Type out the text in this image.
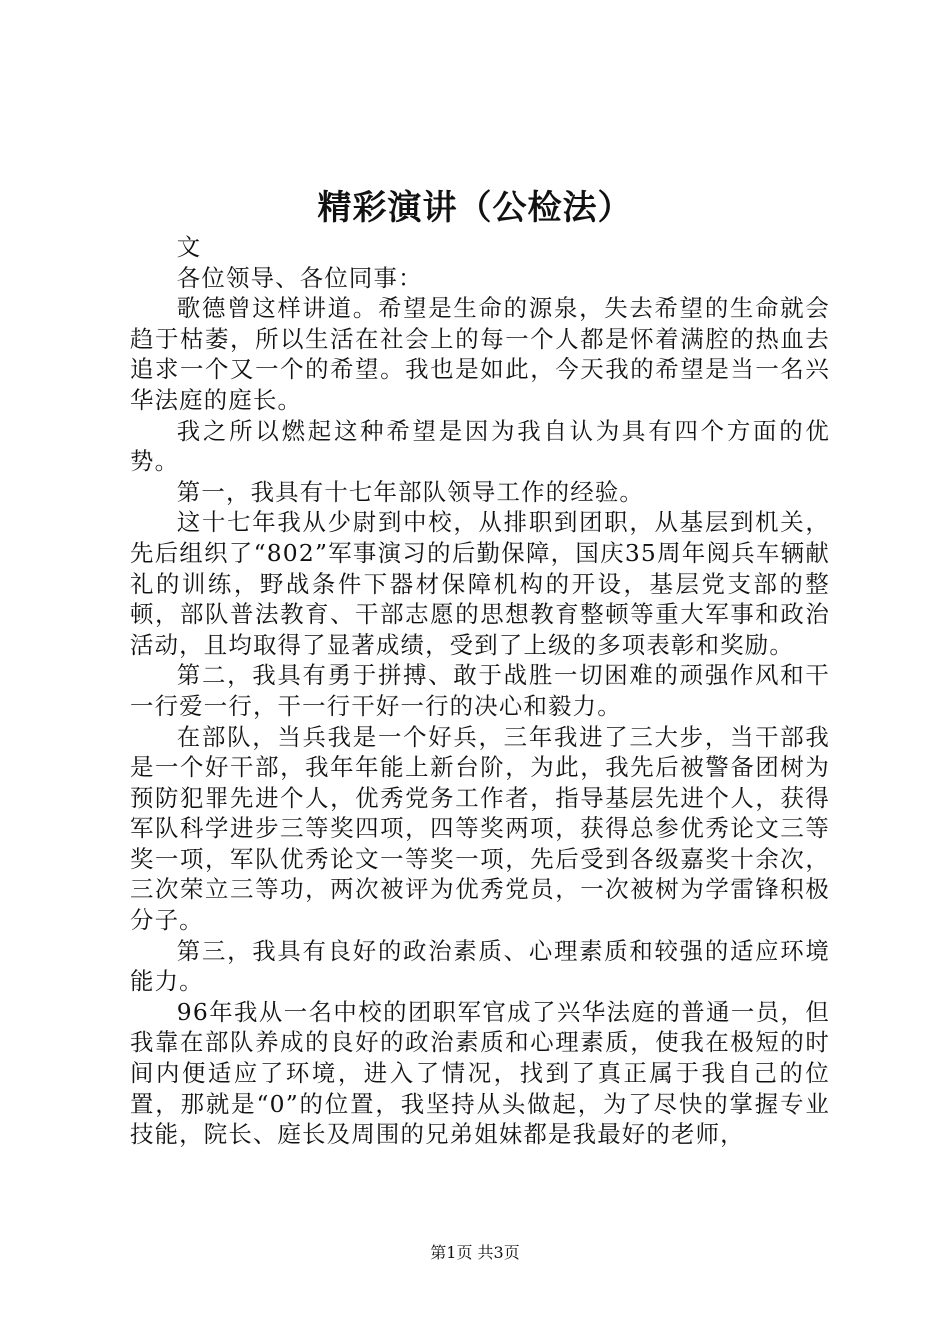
精彩演讲（公检法）

文

各位领导、各位同事：

歌德曾这样讲道。希望是生命的源泉，失去希望的生命就会趋于枯萎，所以生活在社会上的每一个人都是怀着满腔的热血去追求一个又一个的希望。我也是如此，今天我的希望是当一名兴华法庭的庭长。

我之所以燃起这种希望是因为我自认为具有四个方面的优势。

第一，我具有十七年部队领导工作的经验。

这十七年我从少尉到中校，从排职到团职，从基层到机关，先后组织了“802”军事演习的后勤保障，国庆35周年阅兵车辆献礼的训练，野战条件下器材保障机构的开设，基层党支部的整顿，部队普法教育、干部志愿的思想教育整顿等重大军事和政治活动，且均取得了显著成绩，受到了上级的多项表彰和奖励。

第二，我具有勇于拼搏、敢于战胜一切困难的顽强作风和干一行爱一行，干一行干好一行的决心和毅力。

在部队，当兵我是一个好兵，三年我进了三大步，当干部我是一个好干部，我年年能上新台阶，为此，我先后被警备团树为预防犯罪先进个人，优秀党务工作者，指导基层先进个人，获得军队科学进步三等奖四项，四等奖两项，获得总参优秀论文三等奖一项，军队优秀论文一等奖一项，先后受到各级嘉奖十余次，三次荣立三等功，两次被评为优秀党员，一次被树为学雷锋积极分子。

第三，我具有良好的政治素质、心理素质和较强的适应环境能力。

96年我从一名中校的团职军官成了兴华法庭的普通一员，但我靠在部队养成的良好的政治素质和心理素质，使我在极短的时间内便适应了环境，进入了情况，找到了真正属于我自己的位置，那就是“0”的位置，我坚持从头做起，为了尽快的掌握专业技能，院长、庭长及周围的兄弟姐妹都是我最好的老师，

第1页 共3页
